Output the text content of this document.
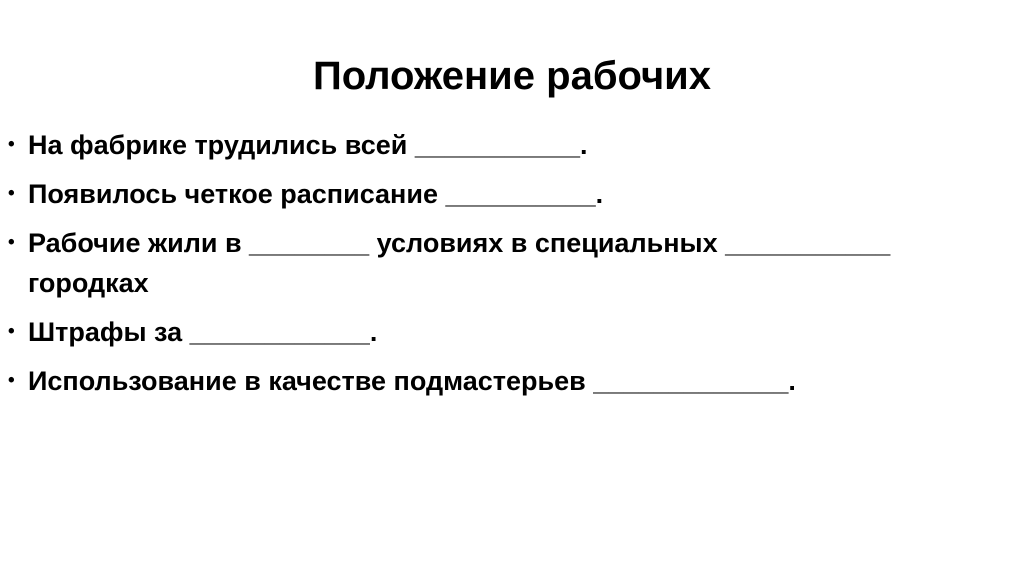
Положение рабочих
• На фабрике трудились всей ___________.
• Появилось четкое расписание __________.
• Рабочие жили в ________ условиях в специальных ___________
городках
• Штрафы за ____________.
• Использование в качестве подмастерьев _____________.
